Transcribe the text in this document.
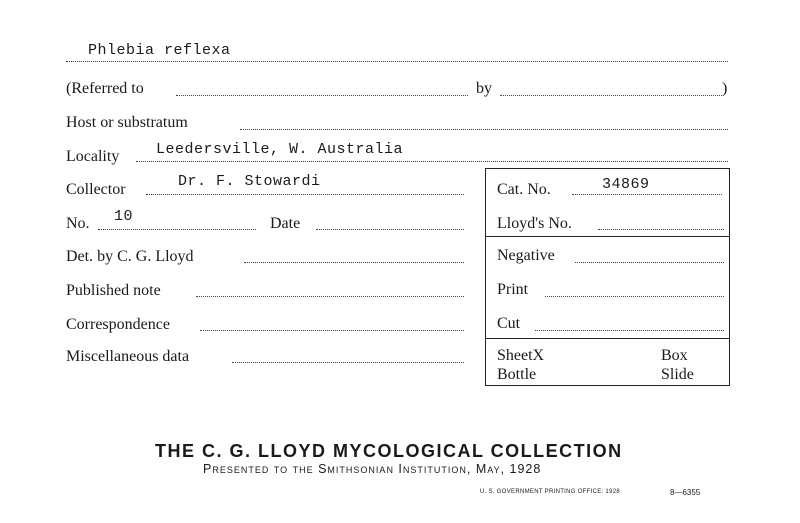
Phlebia reflexa
(Referred to	by	)
Host or substratum
Locality Leedersville, W. Australia
Collector	Dr. F. Stowardi	Cat. No.	34869
No. 10	Date	Lloyd's No.
Det. by C. G. Lloyd	Negative
Published note	Print
Correspondence	Cut
Miscellaneous data	SheetX	Box
Bottle	Slide
THE C. G. LLOYD MYCOLOGICAL COLLECTION
Presented to the Smithsonian Institution, May, 1928
U. S. GOVERNMENT PRINTING OFFICE: 1928	8—6355
